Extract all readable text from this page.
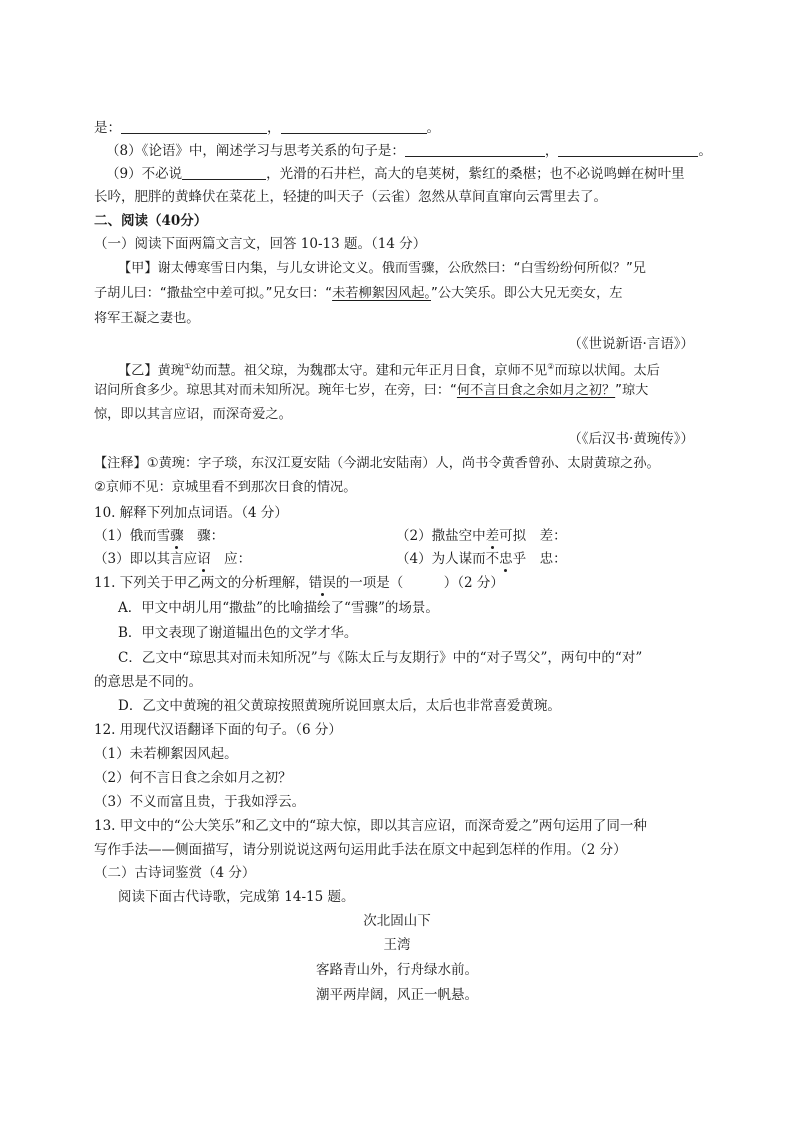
是：	，	。
（8）《论语》中，阐述学习与思考关系的句子是：	，	。
（9）不必说	，光滑的石井栏，高大的皂荚树，紫红的桑椹；也不必说鸣蝉在树叶里
长吟，肥胖的黄蜂伏在菜花上，轻捷的叫天子（云雀）忽然从草间直窜向云霄里去了。
二、阅读（40分）
（一）阅读下面两篇文言文，回答 10-13 题。（14 分）
【甲】谢太傅寒雪日内集，与儿女讲论文义。俄而雪骤，公欣然曰：“白雪纷纷何所似？”兄
子胡儿曰：“撒盐空中差可拟。”兄女曰：“未若柳絮因风起。”公大笑乐。即公大兄无奕女，左
将军王凝之妻也。
（《世说新语·言语》）
【乙】黄琬①幼而慧。祖父琼，为魏郡太守。建和元年正月日食，京师不见②而琼以状闻。太后
诏问所食多少。琼思其对而未知所况。琬年七岁，在旁，曰：“何不言日食之余如月之初？”琼大
惊，即以其言应诏，而深奇爱之。
（《后汉书·黄琬传》）
【注释】①黄琬：字子琰，东汉江夏安陆（今湖北安陆南）人，尚书令黄香曾孙、太尉黄琼之孙。
②京师不见：京城里看不到那次日食的情况。
10. 解释下列加点词语。（4 分）
（1）俄而雪骤　骤：	（2）撒盐空中差可拟　差：
（3）即以其言应诏　应：	（4）为人谋而不忠乎　忠：
11. 下列关于甲乙两文的分析理解，错误的一项是（　　　）（2 分）
A．甲文中胡儿用“撒盐”的比喻描绘了“雪骤”的场景。
B．甲文表现了谢道韫出色的文学才华。
C．乙文中“琼思其对而未知所况”与《陈太丘与友期行》中的“对子骂父”，两句中的“对”
的意思是不同的。
D．乙文中黄琬的祖父黄琼按照黄琬所说回禀太后，太后也非常喜爱黄琬。
12. 用现代汉语翻译下面的句子。（6 分）
（1）未若柳絮因风起。
（2）何不言日食之余如月之初？
（3）不义而富且贵，于我如浮云。
13. 甲文中的“公大笑乐”和乙文中的“琼大惊，即以其言应诏，而深奇爱之”两句运用了同一种
写作手法——侧面描写，请分别说说这两句运用此手法在原文中起到怎样的作用。（2 分）
（二）古诗词鉴赏（4 分）
阅读下面古代诗歌，完成第 14-15 题。
次北固山下
王湾
客路青山外，行舟绿水前。
潮平两岸阔，风正一帆悬。
